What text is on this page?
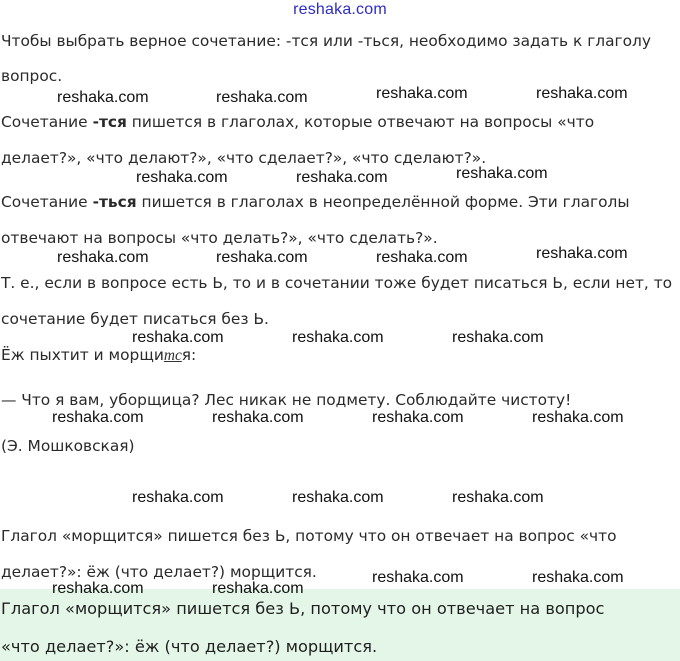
reshaka.com
Чтобы выбрать верное сочетание: -тся или -ться, необходимо задать к глаголу
вопрос.
reshaka.com	reshaka.com	reshaka.com	reshaka.com
Сочетание -тся пишется в глаголах, которые отвечают на вопросы «что
делает?», «что делают?», «что сделает?», «что сделают?».
reshaka.com	reshaka.com	reshaka.com
Сочетание -ться пишется в глаголах в неопределённой форме. Эти глаголы
отвечают на вопросы «что делать?», «что сделать?».
reshaka.com	reshaka.com	reshaka.com	reshaka.com
Т. е., если в вопросе есть Ь, то и в сочетании тоже будет писаться Ь, если нет, то
сочетание будет писаться без Ь.
reshaka.com	reshaka.com	reshaka.com
Ёж пыхтит и морщится:
— Что я вам, уборщица? Лес никак не подмету. Соблюдайте чистоту!
reshaka.com	reshaka.com	reshaka.com	reshaka.com
(Э. Мошковская)
reshaka.com	reshaka.com	reshaka.com
Глагол «морщится» пишется без Ь, потому что он отвечает на вопрос «что
делает?»: ёж (что делает?) морщится.	reshaka.com	reshaka.com
Глагол «морщится» пишется без Ь, потому что он отвечает на вопрос
«что делает?»: ёж (что делает?) морщится.
reshaka.com	reshaka.com
